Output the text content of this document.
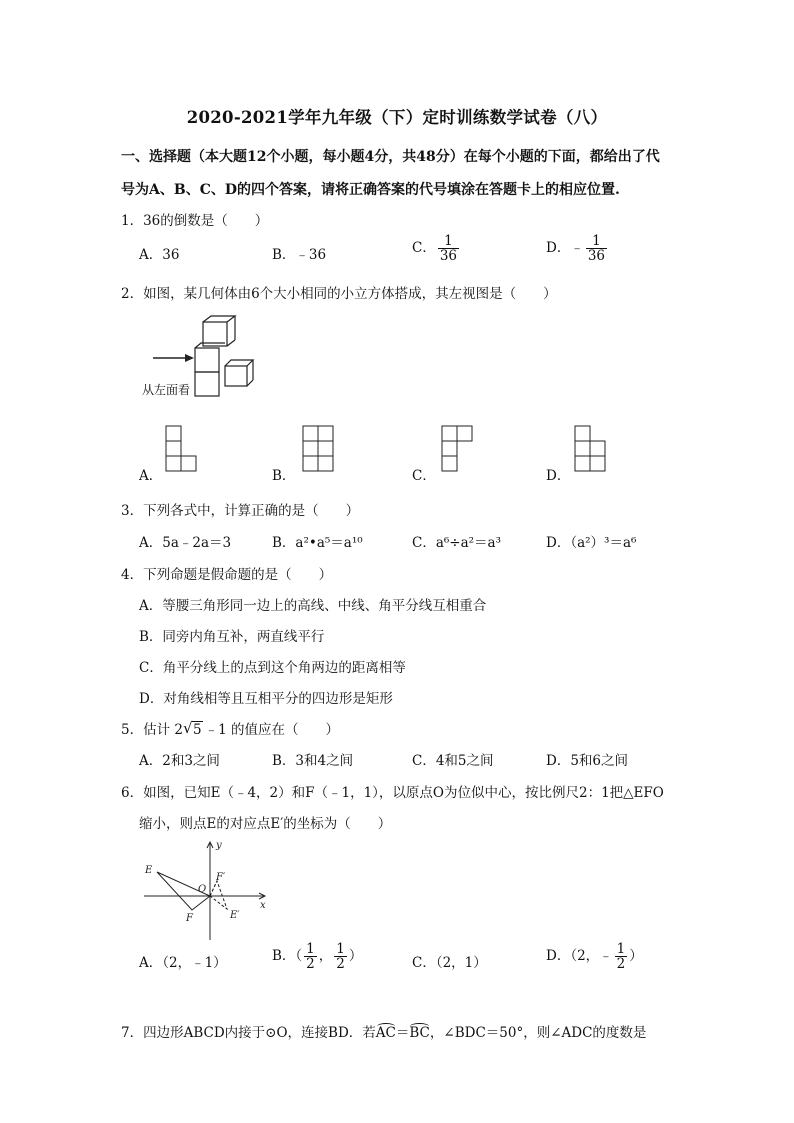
2020-2021学年九年级（下）定时训练数学试卷（八）
一、选择题（本大题12个小题，每小题4分，共48分）在每个小题的下面，都给出了代
号为A、B、C、D的四个答案，请将正确答案的代号填涂在答题卡上的相应位置.
1．36的倒数是（　　）
A．36	B．﹣36	C． $\frac{1}{36}$	D．﹣ $\frac{1}{36}$
2．如图，某几何体由6个大小相同的小立方体搭成，其左视图是（　　）
从左面看
A．	B．	C．	D．
3．下列各式中，计算正确的是（　　）
A．5a﹣2a＝3	B．a²•a⁵＝a¹⁰	C．a⁶÷a²＝a³	D．（a²）³＝a⁶
4．下列命题是假命题的是（　　）
A．等腰三角形同一边上的高线、中线、角平分线互相重合
B．同旁内角互补，两直线平行
C．角平分线上的点到这个角两边的距离相等
D．对角线相等且互相平分的四边形是矩形
5．估计 2 √ 5 ﹣1 的值应在（　　）
A．2和3之间	B．3和4之间	C．4和5之间	D．5和6之间
6．如图，已知E（﹣4，2）和F（﹣1，1），以原点O为位似中心，按比例尺2：1把△EFO
缩小，则点E的对应点E′的坐标为（　　）
y
x
E
F
O
E′
F′
A．（2，﹣1）	B．（ $\frac{1}{2}$ ， $\frac{1}{2}$ ）	C．（2，1）	D．（2，﹣ $\frac{1}{2}$ ）
7．四边形ABCD内接于⊙O，连接BD．若AC＝BC，∠BDC＝50°，则∠ADC的度数是
